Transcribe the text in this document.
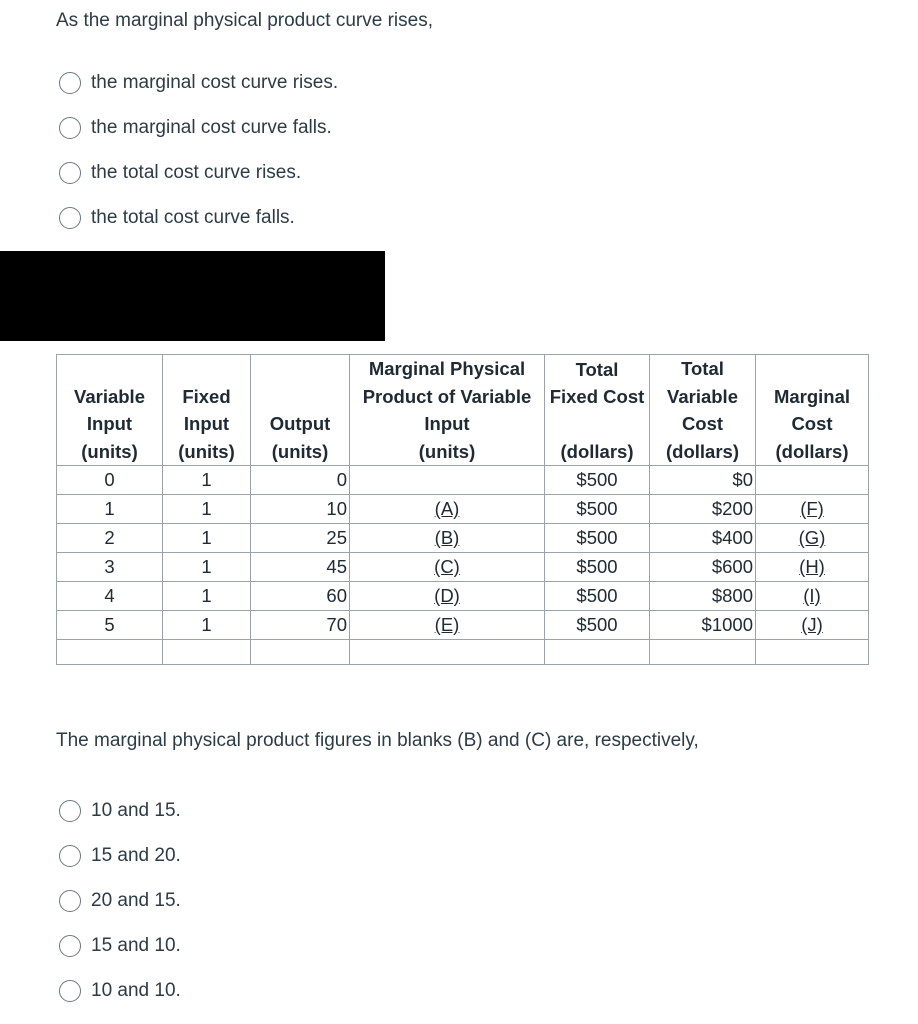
As the marginal physical product curve rises,
the marginal cost curve rises.
the marginal cost curve falls.
the total cost curve rises.
the total cost curve falls.
Variable
Input
(units)	Fixed
Input
(units)	Output
(units)	Marginal Physical
Product of Variable
Input
(units)	Total
Fixed Cost
(dollars)	Total
Variable
Cost
(dollars)	Marginal
Cost
(dollars)

0	1	0		$500	$0	
1	1	10	(A)	$500	$200	(F)
2	1	25	(B)	$500	$400	(G)
3	1	45	(C)	$500	$600	(H)
4	1	60	(D)	$500	$800	(I)
5	1	70	(E)	$500	$1000	(J)

The marginal physical product figures in blanks (B) and (C) are, respectively,
10 and 15.
15 and 20.
20 and 15.
15 and 10.
10 and 10.
